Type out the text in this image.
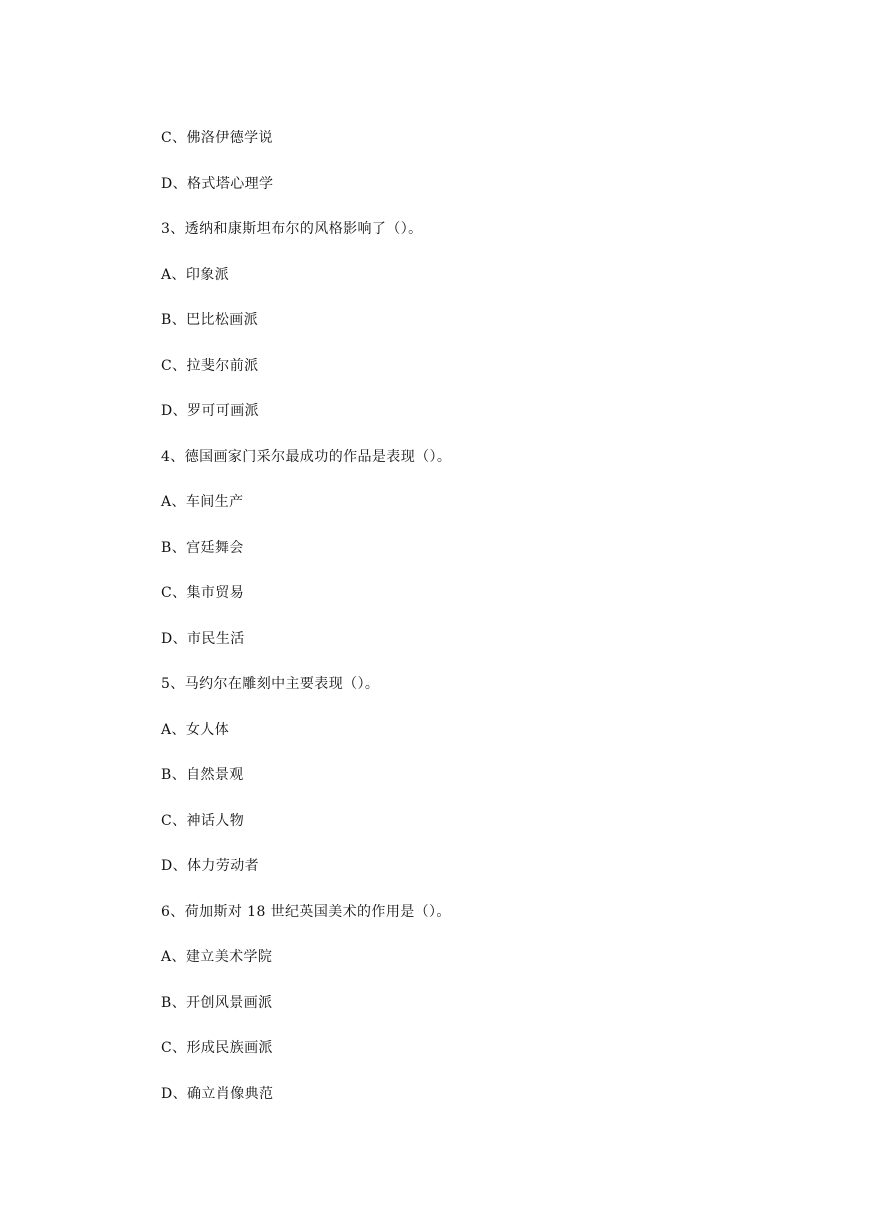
C、佛洛伊德学说
D、格式塔心理学
3、透纳和康斯坦布尔的风格影响了（）。
A、印象派
B、巴比松画派
C、拉斐尔前派
D、罗可可画派
4、德国画家门采尔最成功的作品是表现（）。
A、车间生产
B、宫廷舞会
C、集市贸易
D、市民生活
5、马约尔在雕刻中主要表现（）。
A、女人体
B、自然景观
C、神话人物
D、体力劳动者
6、荷加斯对 18 世纪英国美术的作用是（）。
A、建立美术学院
B、开创风景画派
C、形成民族画派
D、确立肖像典范
